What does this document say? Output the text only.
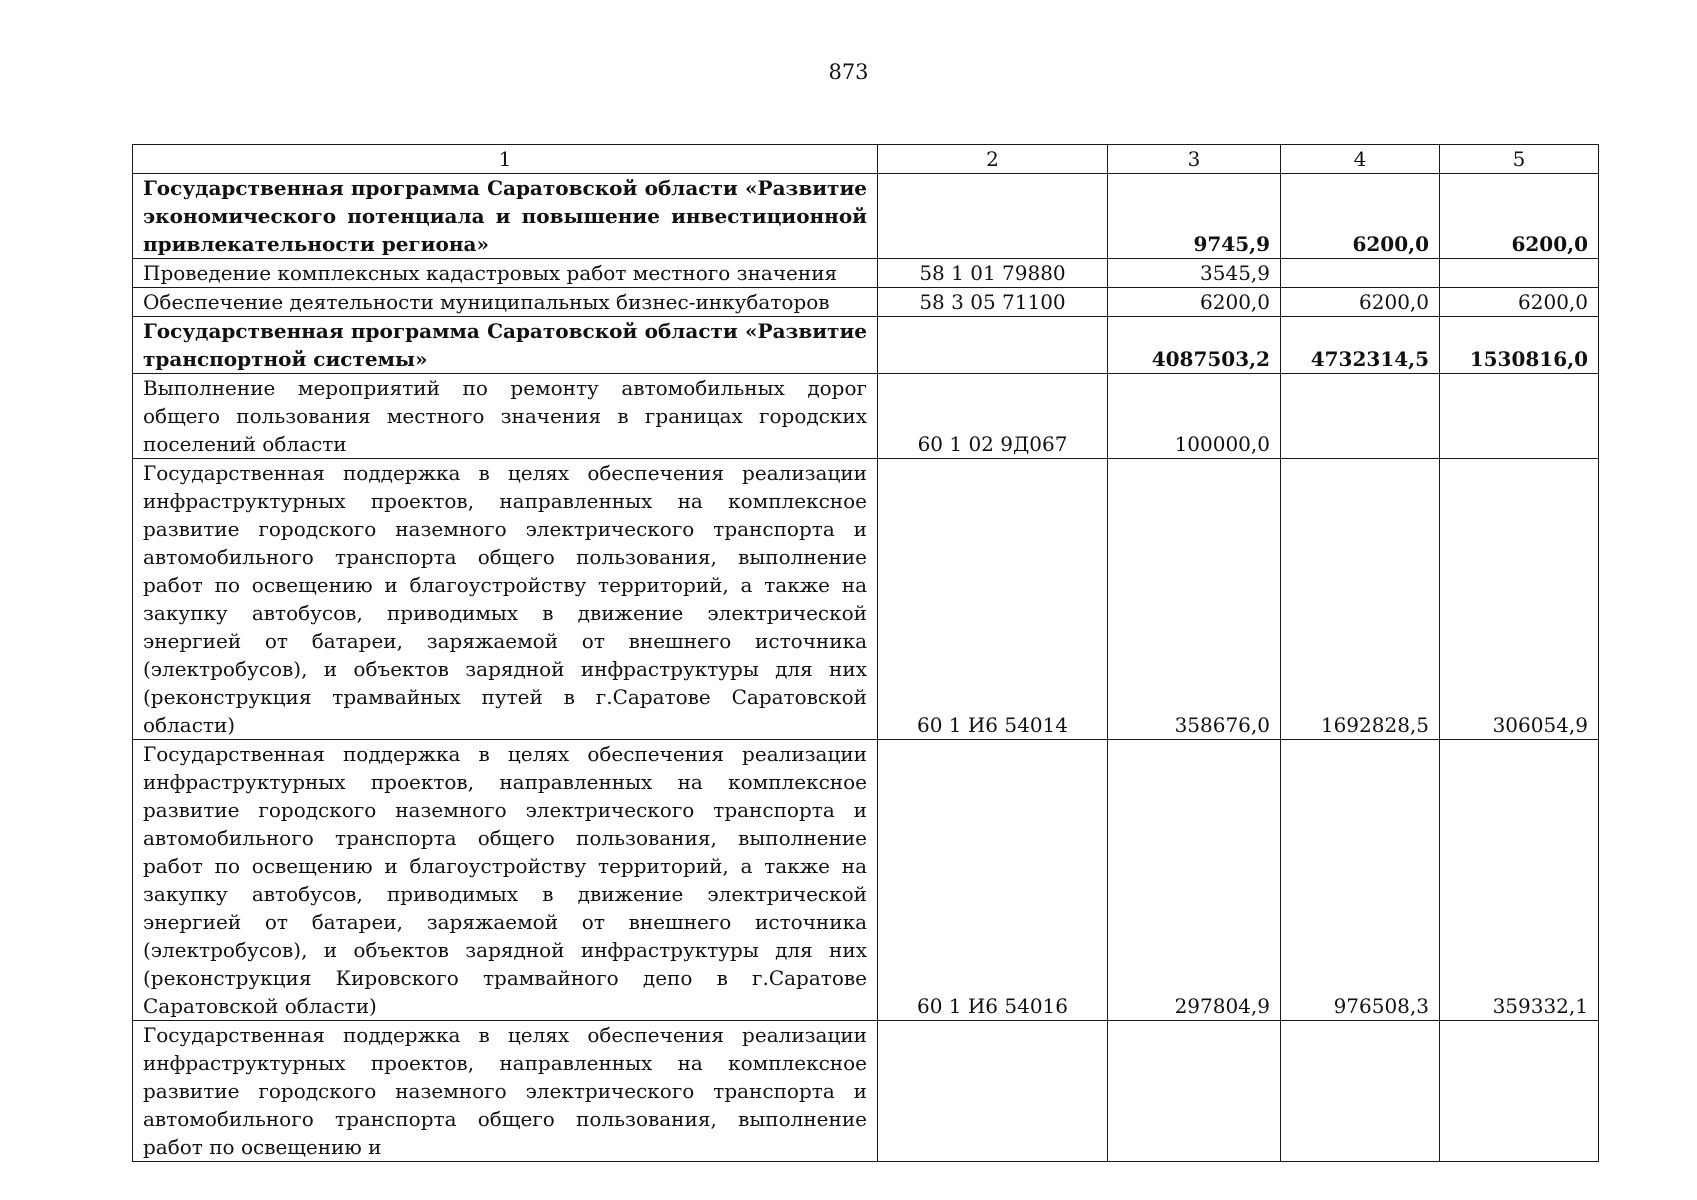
873
1	2	3	4	5
Государственная программа Саратовской области «Развитие экономического потенциала и повышение инвестиционной привлекательности региона»		9745,9	6200,0	6200,0
Проведение комплексных кадастровых работ местного значения	58 1 01 79880	3545,9		
Обеспечение деятельности муниципальных бизнес-инкубаторов	58 3 05 71100	6200,0	6200,0	6200,0
Государственная программа Саратовской области «Развитие транспортной системы»		4087503,2	4732314,5	1530816,0
Выполнение мероприятий по ремонту автомобильных дорог общего пользования местного значения в границах городских поселений области	60 1 02 9Д067	100000,0		
Государственная поддержка в целях обеспечения реализации инфраструктурных проектов, направленных на комплексное развитие городского наземного электрического транспорта и автомобильного транспорта общего пользования, выполнение работ по освещению и благоустройству территорий, а также на закупку автобусов, приводимых в движение электрической энергией от батареи, заряжаемой от внешнего источника (электробусов), и объектов зарядной инфраструктуры для них (реконструкция трамвайных путей в г.Саратове Саратовской области)	60 1 И6 54014	358676,0	1692828,5	306054,9
Государственная поддержка в целях обеспечения реализации инфраструктурных проектов, направленных на комплексное развитие городского наземного электрического транспорта и автомобильного транспорта общего пользования, выполнение работ по освещению и благоустройству территорий, а также на закупку автобусов, приводимых в движение электрической энергией от батареи, заряжаемой от внешнего источника (электробусов), и объектов зарядной инфраструктуры для них (реконструкция Кировского трамвайного депо в г.Саратове Саратовской области)	60 1 И6 54016	297804,9	976508,3	359332,1
Государственная поддержка в целях обеспечения реализации инфраструктурных проектов, направленных на комплексное развитие городского наземного электрического транспорта и автомобильного транспорта общего пользования, выполнение работ по освещению и				
